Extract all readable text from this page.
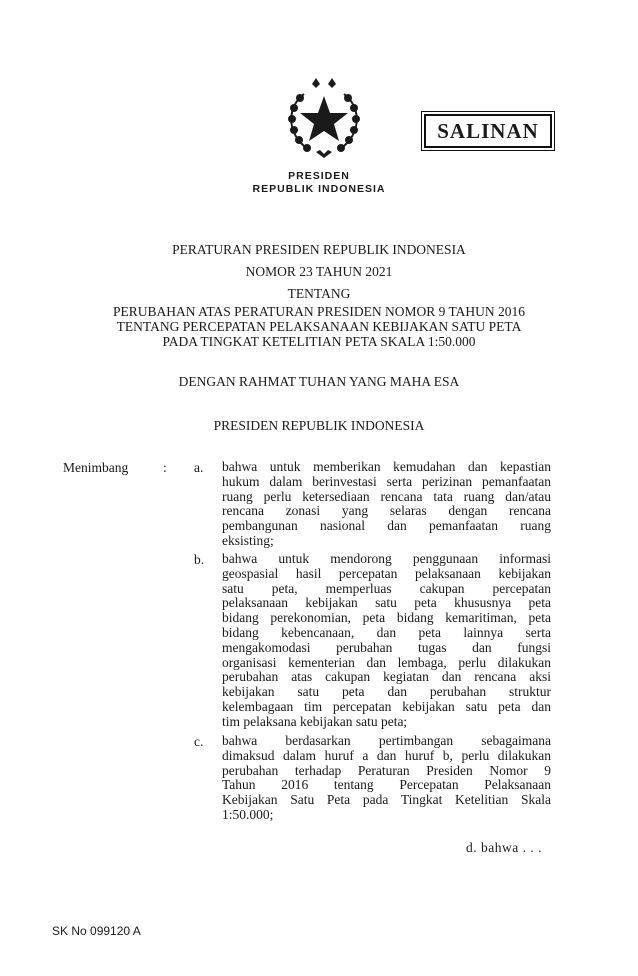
SALINAN
PRESIDEN
REPUBLIK INDONESIA
PERATURAN PRESIDEN REPUBLIK INDONESIA
NOMOR 23 TAHUN 2021
TENTANG
PERUBAHAN ATAS PERATURAN PRESIDEN NOMOR 9 TAHUN 2016
TENTANG PERCEPATAN PELAKSANAAN KEBIJAKAN SATU PETA
PADA TINGKAT KETELITIAN PETA SKALA 1:50.000
DENGAN RAHMAT TUHAN YANG MAHA ESA
PRESIDEN REPUBLIK INDONESIA
Menimbang	: a. bahwa untuk memberikan kemudahan dan kepastian
hukum dalam berinvestasi serta perizinan pemanfaatan
ruang perlu ketersediaan rencana tata ruang dan/atau
rencana zonasi yang selaras dengan rencana
pembangunan nasional dan pemanfaatan ruang
eksisting;
b. bahwa untuk mendorong penggunaan informasi
geospasial hasil percepatan pelaksanaan kebijakan
satu peta, memperluas cakupan percepatan
pelaksanaan kebijakan satu peta khususnya peta
bidang perekonomian, peta bidang kemaritiman, peta
bidang kebencanaan, dan peta lainnya serta
mengakomodasi perubahan tugas dan fungsi
organisasi kementerian dan lembaga, perlu dilakukan
perubahan atas cakupan kegiatan dan rencana aksi
kebijakan satu peta dan perubahan struktur
kelembagaan tim percepatan kebijakan satu peta dan
tim pelaksana kebijakan satu peta;
c. bahwa berdasarkan pertimbangan sebagaimana
dimaksud dalam huruf a dan huruf b, perlu dilakukan
perubahan terhadap Peraturan Presiden Nomor 9
Tahun 2016 tentang Percepatan Pelaksanaan
Kebijakan Satu Peta pada Tingkat Ketelitian Skala
1:50.000;
d. bahwa . . .
SK No 099120 A
